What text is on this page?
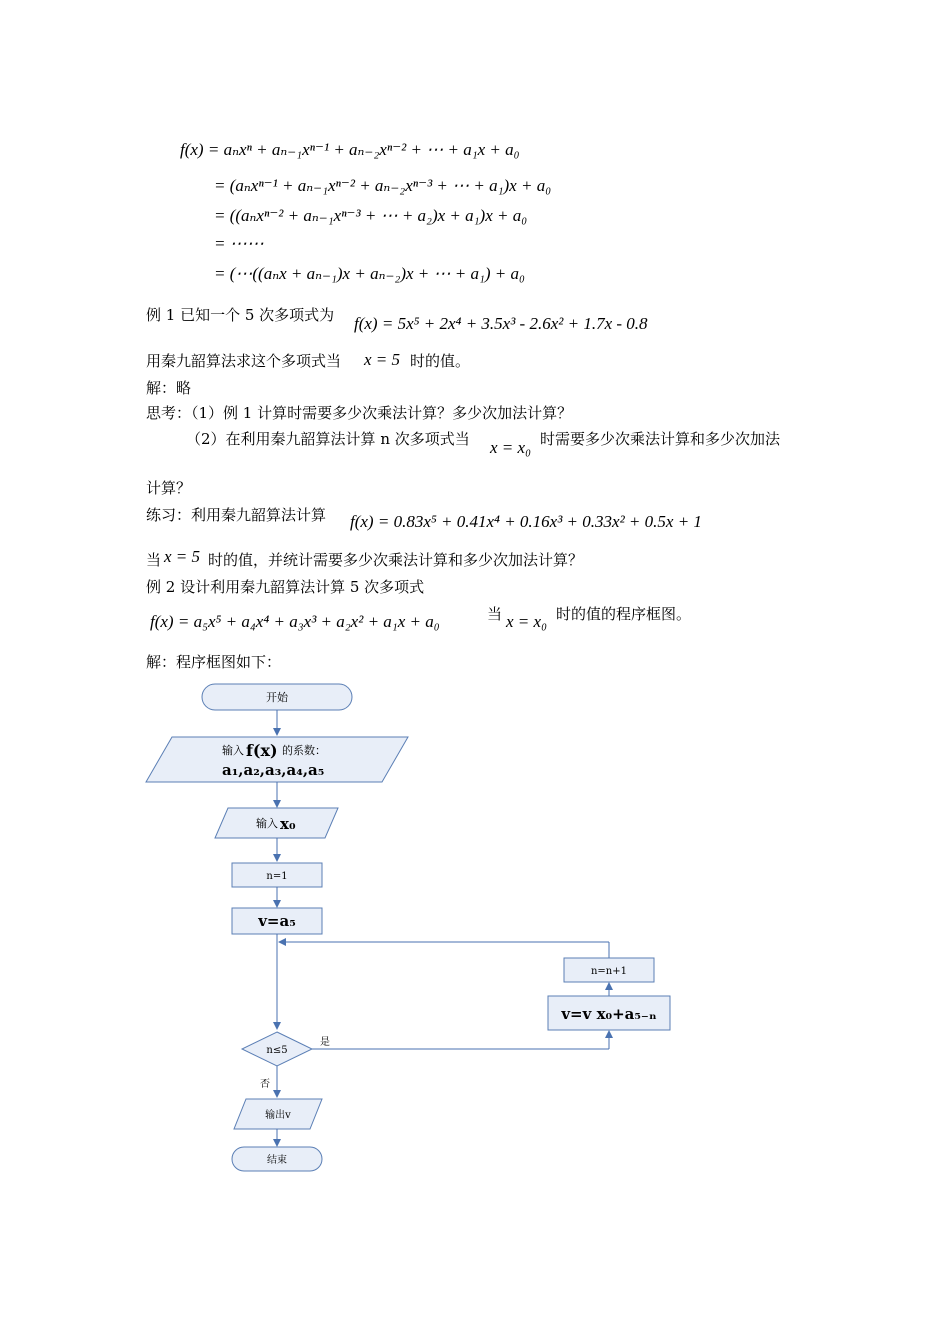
f(x) = aₙxⁿ + aₙ₋₁xⁿ⁻¹ + aₙ₋₂xⁿ⁻² + ⋯ + a₁x + a₀
= (aₙxⁿ⁻¹ + aₙ₋₁xⁿ⁻² + aₙ₋₂xⁿ⁻³ + ⋯ + a₁)x + a₀
= ((aₙxⁿ⁻² + aₙ₋₁xⁿ⁻³ + ⋯ + a₂)x + a₁)x + a₀
= ⋯⋯
= (⋯((aₙx + aₙ₋₁)x + aₙ₋₂)x + ⋯ + a₁) + a₀
例 1 已知一个 5 次多项式为 f(x) = 5x⁵ + 2x⁴ + 3.5x³ - 2.6x² + 1.7x - 0.8
用秦九韶算法求这个多项式当 x = 5 时的值。
解：略
思考：（1）例 1 计算时需要多少次乘法计算？多少次加法计算？
（2）在利用秦九韶算法计算 n 次多项式当 x = x₀ 时需要多少次乘法计算和多少次加法
计算？
练习：利用秦九韶算法计算 f(x) = 0.83x⁵ + 0.41x⁴ + 0.16x³ + 0.33x² + 0.5x + 1
当 x = 5 时的值，并统计需要多少次乘法计算和多少次加法计算？
例 2 设计利用秦九韶算法计算 5 次多项式
f(x) = a₅x⁵ + a₄x⁴ + a₃x³ + a₂x² + a₁x + a₀	当 x = x₀ 时的值的程序框图。
解：程序框图如下：
开始
输入 f(x) 的系数：
a₁,a₂,a₃,a₄,a₅
输入 x₀
n=1
v=a₅
n=n+1
v=v x₀+a₅₋ₙ
n≤5
是
否
输出v
结束
